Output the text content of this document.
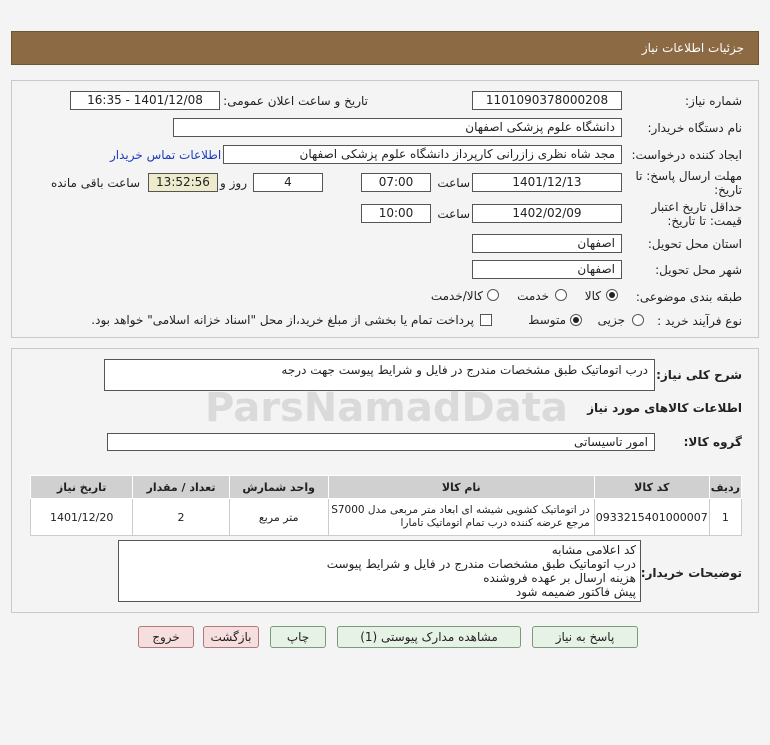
جزئیات اطلاعات نیاز
شماره نیاز:
1101090378000208
تاریخ و ساعت اعلان عمومی:
1401/12/08 - 16:35
نام دستگاه خریدار:
دانشگاه علوم پزشکی اصفهان
ایجاد کننده درخواست:
مجد شاه نظری زازرانی کارپرداز دانشگاه علوم پزشکی اصفهان
اطلاعات تماس خریدار
مهلت ارسال پاسخ: تا
تاریخ:
1401/12/13
ساعت
07:00
4
روز و
13:52:56
ساعت باقی مانده
حداقل تاریخ اعتبار
قیمت: تا تاریخ:
1402/02/09
ساعت
10:00
استان محل تحویل:
اصفهان
شهر محل تحویل:
اصفهان
طبقه بندی موضوعی:
کالا
خدمت
کالا/خدمت
نوع فرآیند خرید :
جزیی
متوسط
پرداخت تمام یا بخشی از مبلغ خرید،از محل "اسناد خزانه اسلامی" خواهد بود.
شرح کلی نیاز:
درب اتوماتیک طبق مشخصات مندرج در فایل و شرایط پیوست جهت درجه
اطلاعات کالاهای مورد نیاز
گروه کالا:
امور تاسیساتی
ردیف	کد کالا	نام کالا	واحد شمارش	تعداد / مقدار	تاریخ نیاز
1	0933215401000007	در اتوماتیک کشویی شیشه ای ابعاد متر مربعی مدل S7000
مرجع عرضه کننده درب تمام اتوماتیک تامارا	متر مربع	2	1401/12/20
توضیحات خریدار:
کد اعلامی مشابه
درب اتوماتیک طبق مشخصات مندرج در فایل و شرایط پیوست
هزینه ارسال بر عهده فروشنده
پیش فاکتور ضمیمه شود
ParsNamadData
پاسخ به نیاز
مشاهده مدارک پیوستی (1)
چاپ
بازگشت
خروج
